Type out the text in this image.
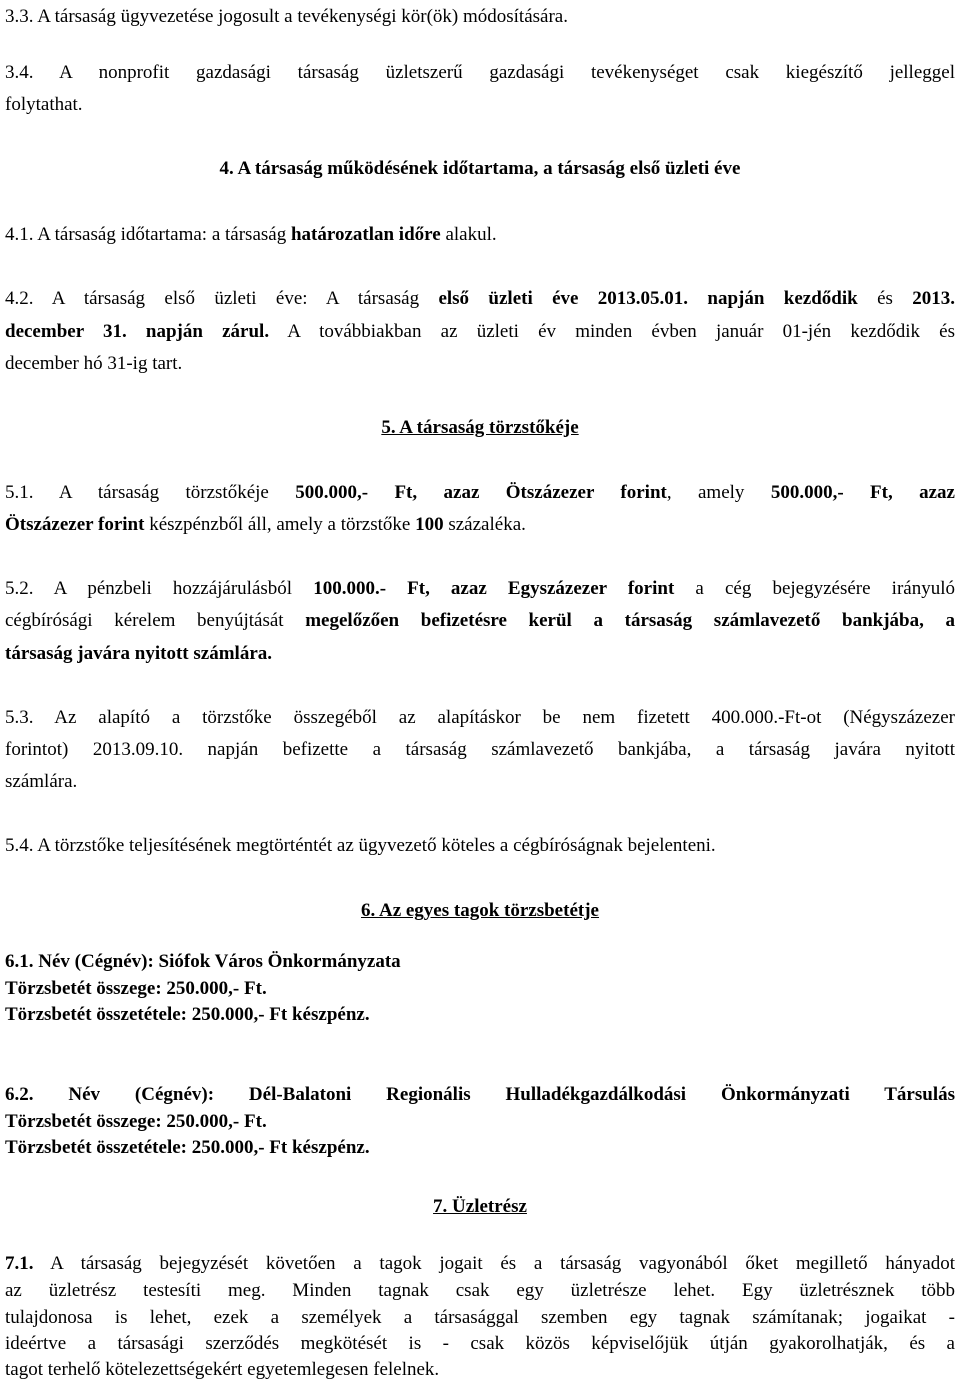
3.3. A társaság ügyvezetése jogosult a tevékenységi kör(ök) módosítására.
3.4. A nonprofit gazdasági társaság üzletszerű gazdasági tevékenységet csak kiegészítő jelleggel
folytathat.
4. A társaság működésének időtartama, a társaság első üzleti éve
4.1. A társaság időtartama: a társaság határozatlan időre alakul.
4.2. A társaság első üzleti éve: A társaság első üzleti éve 2013.05.01. napján kezdődik és 2013.
december 31. napján zárul. A továbbiakban az üzleti év minden évben január 01-jén kezdődik és
december hó 31-ig tart.
5. A társaság törzstőkéje
5.1. A társaság törzstőkéje 500.000,- Ft, azaz Ötszázezer forint, amely 500.000,- Ft, azaz
Ötszázezer forint készpénzből áll, amely a törzstőke 100 százaléka.
5.2. A pénzbeli hozzájárulásból 100.000.- Ft, azaz Egyszázezer forint a cég bejegyzésére irányuló
cégbírósági kérelem benyújtását megelőzően befizetésre kerül a társaság számlavezető bankjába, a
társaság javára nyitott számlára.
5.3. Az alapító a törzstőke összegéből az alapításkor be nem fizetett 400.000.-Ft-ot (Négyszázezer
forintot) 2013.09.10. napján befizette a társaság számlavezető bankjába, a társaság javára nyitott
számlára.
5.4. A törzstőke teljesítésének megtörténtét az ügyvezető köteles a cégbíróságnak bejelenteni.
6. Az egyes tagok törzsbetétje
6.1. Név (Cégnév): Siófok Város Önkormányzata
Törzsbetét összege: 250.000,- Ft.
Törzsbetét összetétele: 250.000,- Ft készpénz.
6.2. Név (Cégnév): Dél-Balatoni Regionális Hulladékgazdálkodási Önkormányzati Társulás
Törzsbetét összege: 250.000,- Ft.
Törzsbetét összetétele: 250.000,- Ft készpénz.
7. Üzletrész
7.1. A társaság bejegyzését követően a tagok jogait és a társaság vagyonából őket megillető hányadot
az üzletrész testesíti meg. Minden tagnak csak egy üzletrésze lehet. Egy üzletrésznek több
tulajdonosa is lehet, ezek a személyek a társasággal szemben egy tagnak számítanak; jogaikat -
ideértve a társasági szerződés megkötését is - csak közös képviselőjük útján gyakorolhatják, és a
tagot terhelő kötelezettségekért egyetemlegesen felelnek.
